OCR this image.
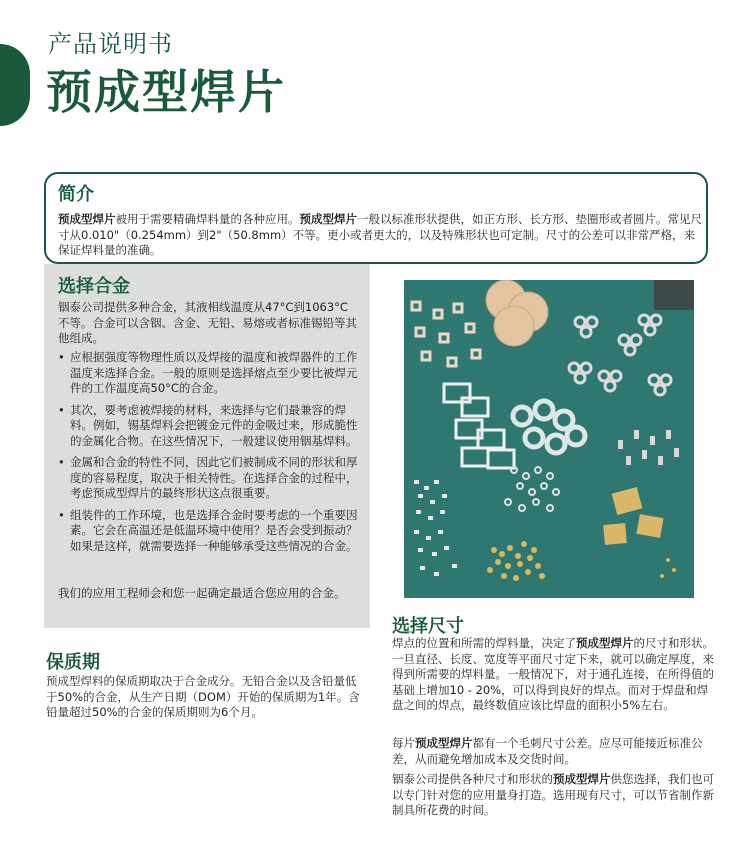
产品说明书
预成型焊片
简介
预成型焊片被用于需要精确焊料量的各种应用。预成型焊片一般以标准形状提供，如正方形、长方形、垫圈形或者圆片。常见尺寸从0.010"（0.254mm）到2"（50.8mm）不等。更小或者更大的，以及特殊形状也可定制。尺寸的公差可以非常严格，来保证焊料量的准确。
选择合金
铟泰公司提供多种合金，其液相线温度从47°C到1063°C不等。合金可以含铟、含金、无铅、易熔或者标准锡铅等其他组成。
• 应根据强度等物理性质以及焊接的温度和被焊器件的工作温度来选择合金。一般的原则是选择熔点至少要比被焊元件的工作温度高50°C的合金。
• 其次，要考虑被焊接的材料，来选择与它们最兼容的焊料。例如，锡基焊料会把镀金元件的金吸过来，形成脆性的金属化合物。在这些情况下，一般建议使用铟基焊料。
• 金属和合金的特性不同，因此它们被制成不同的形状和厚度的容易程度，取决于相关特性。在选择合金的过程中，考虑预成型焊片的最终形状这点很重要。
• 组装件的工作环境，也是选择合金时要考虑的一个重要因素。它会在高温还是低温环境中使用？是否会受到振动？如果是这样，就需要选择一种能够承受这些情况的合金。
我们的应用工程师会和您一起确定最适合您应用的合金。
保质期
预成型焊料的保质期取决于合金成分。无铅合金以及含铅量低于50%的合金，从生产日期（DOM）开始的保质期为1年。含铅量超过50%的合金的保质期则为6个月。
选择尺寸

焊点的位置和所需的焊料量，决定了预成型焊片的尺寸和形状。一旦直径、长度、宽度等平面尺寸定下来，就可以确定厚度，来得到所需要的焊料量。一般情况下，对于通孔连接，在所得值的基础上增加10 - 20%，可以得到良好的焊点。而对于焊盘和焊盘之间的焊点，最终数值应该比焊盘的面积小5%左右。

每片预成型焊片都有一个毛刺尺寸公差。应尽可能接近标准公差，从而避免增加成本及交货时间。

铟泰公司提供各种尺寸和形状的预成型焊片供您选择，我们也可以专门针对您的应用量身打造。选用现有尺寸，可以节省制作新制具所花费的时间。
